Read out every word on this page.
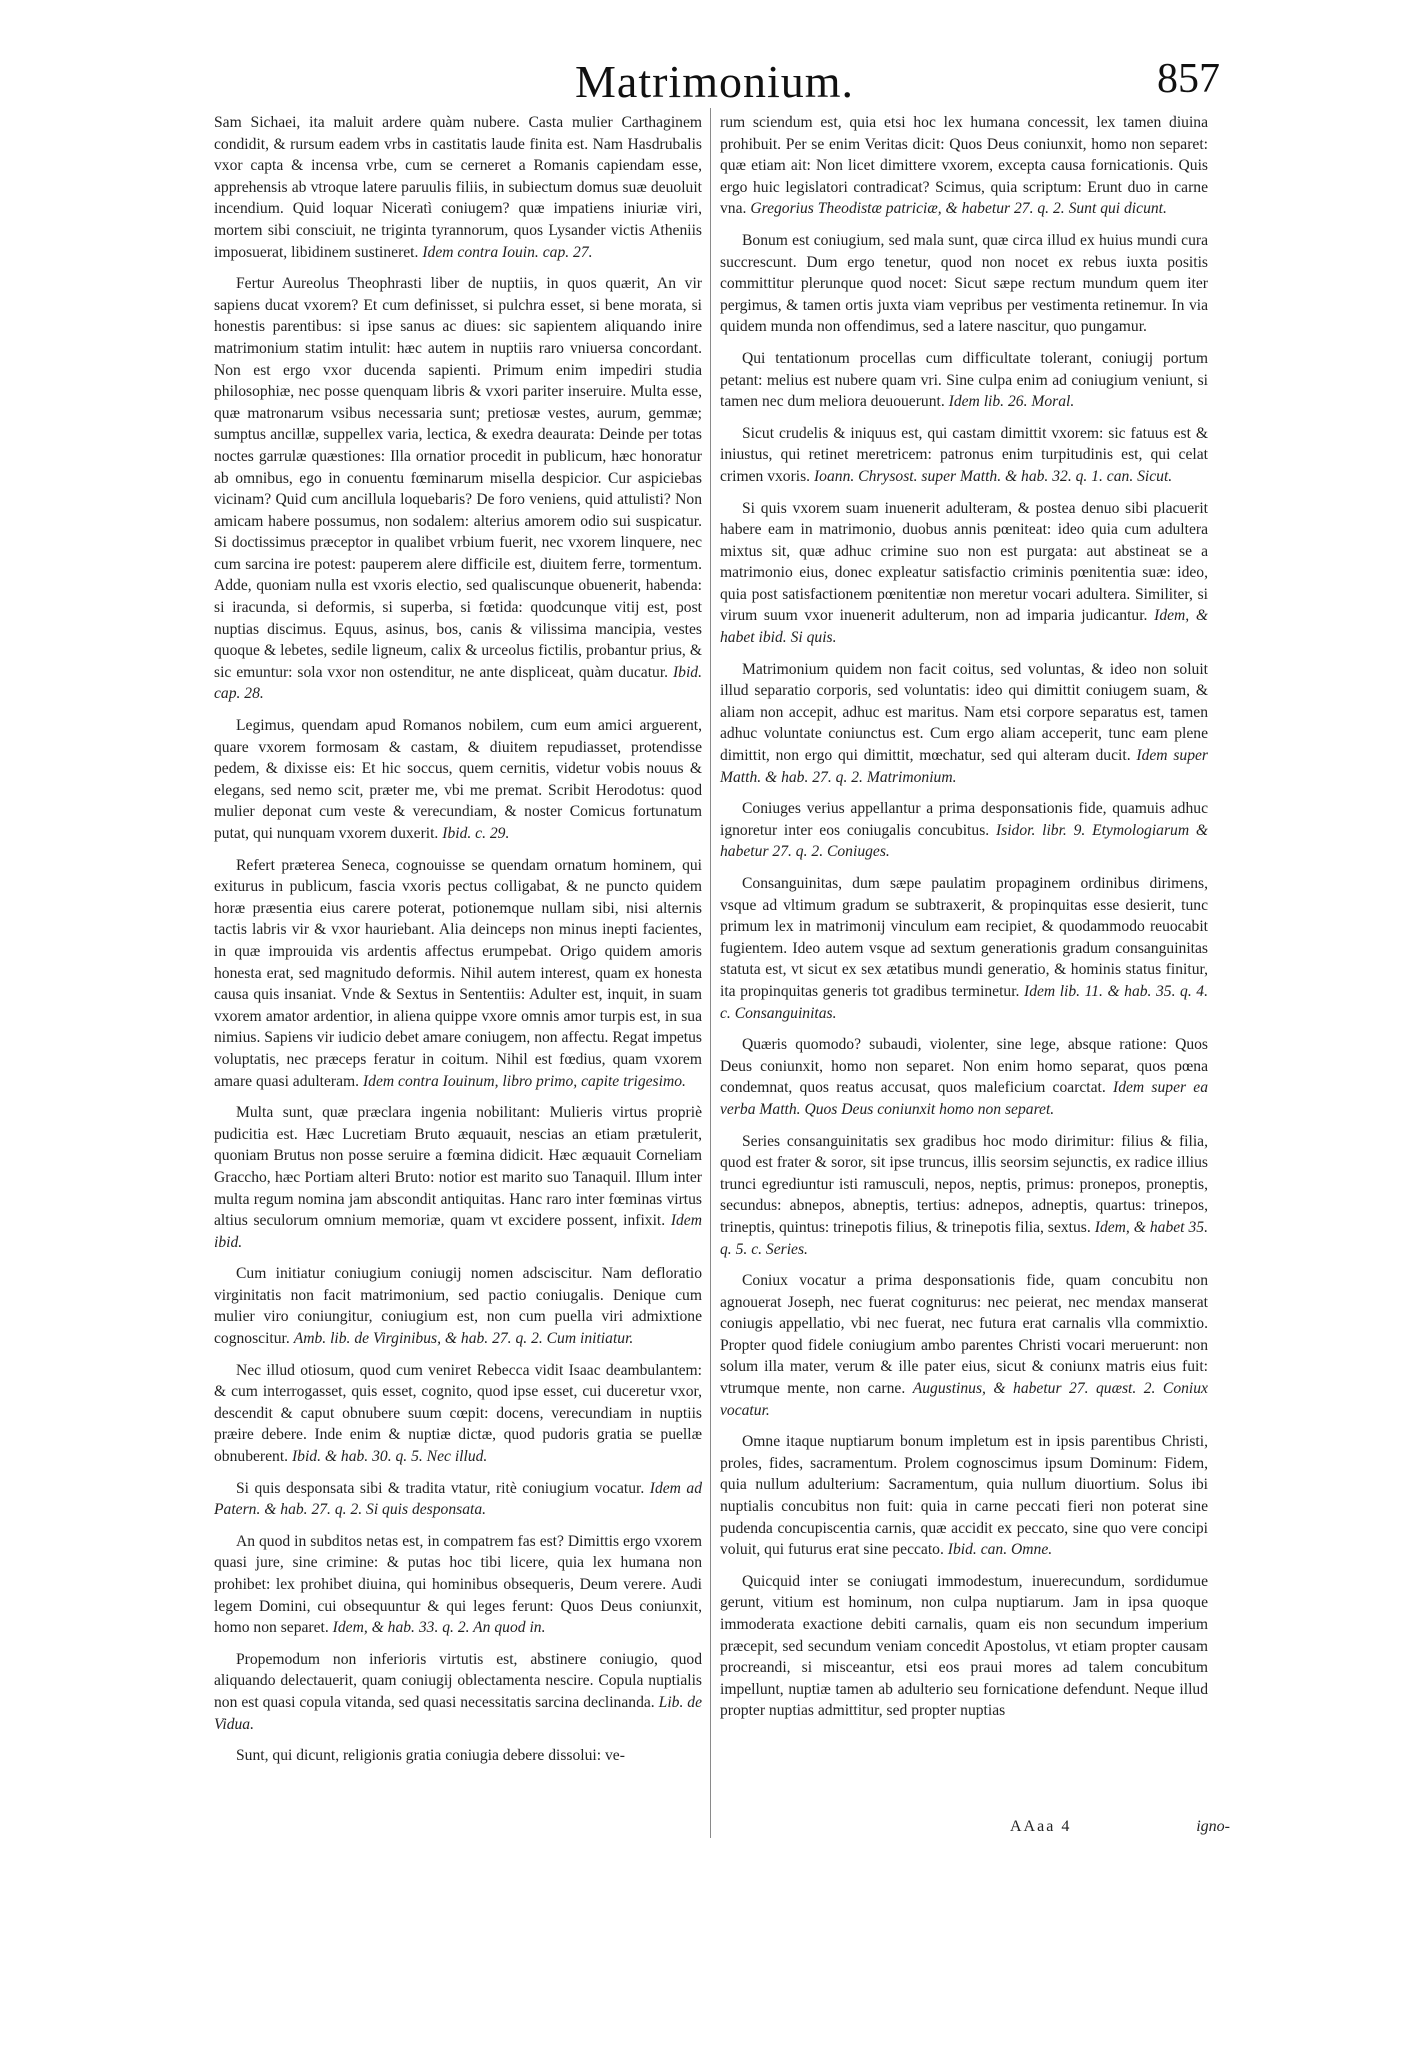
Matrimonium.	857

Sam Sichaei, ita maluit ardere quàm nubere. Casta mulier Carthaginem condidit, & rursum eadem vrbs in castitatis laude finita est. Nam Hasdrubalis vxor capta & incensa vrbe, cum se cerneret a Romanis capiendam esse, apprehensis ab vtroque latere paruulis filiis, in subiectum domus suæ deuoluit incendium. Quid loquar Niceratì coniugem? quæ impatiens iniuriæ viri, mortem sibi consciuit, ne triginta tyrannorum, quos Lysander victis Atheniis imposuerat, libidinem sustineret. Idem contra Iouin. cap. 27.

Fertur Aureolus Theophrasti liber de nuptiis, in quos quærit, An vir sapiens ducat vxorem? Et cum definisset, si pulchra esset, si bene morata, si honestis parentibus: si ipse sanus ac diues: sic sapientem aliquando inire matrimonium statim intulit: hæc autem in nuptiis raro vniuersa concordant. Non est ergo vxor ducenda sapienti. Primum enim impediri studia philosophiæ, nec posse quenquam libris & vxori pariter inseruire. Multa esse, quæ matronarum vsibus necessaria sunt; pretiosæ vestes, aurum, gemmæ; sumptus ancillæ, suppellex varia, lectica, & exedra deaurata: Deinde per totas noctes garrulæ quæstiones: Illa ornatior procedit in publicum, hæc honoratur ab omnibus, ego in conuentu fœminarum misella despicior. Cur aspiciebas vicinam? Quid cum ancillula loquebaris? De foro veniens, quid attulisti? Non amicam habere possumus, non sodalem: alterius amorem odio sui suspicatur. Si doctissimus præceptor in qualibet vrbium fuerit, nec vxorem linquere, nec cum sarcina ire potest: pauperem alere difficile est, diuitem ferre, tormentum. Adde, quoniam nulla est vxoris electio, sed qualiscunque obuenerit, habenda: si iracunda, si deformis, si superba, si fœtida: quodcunque vitij est, post nuptias discimus. Equus, asinus, bos, canis & vilissima mancipia, vestes quoque & lebetes, sedile ligneum, calix & urceolus fictilis, probantur prius, & sic emuntur: sola vxor non ostenditur, ne ante displiceat, quàm ducatur. Ibid. cap. 28.

Legimus, quendam apud Romanos nobilem, cum eum amici arguerent, quare vxorem formosam & castam, & diuitem repudiasset, protendisse pedem, & dixisse eis: Et hic soccus, quem cernitis, videtur vobis nouus & elegans, sed nemo scit, præter me, vbi me premat. Scribit Herodotus: quod mulier deponat cum veste & verecundiam, & noster Comicus fortunatum putat, qui nunquam vxorem duxerit. Ibid. c. 29.

Refert præterea Seneca, cognouisse se quendam ornatum hominem, qui exiturus in publicum, fascia vxoris pectus colligabat, & ne puncto quidem horæ præsentia eius carere poterat, potionemque nullam sibi, nisi alternis tactis labris vir & vxor hauriebant. Alia deinceps non minus inepti facientes, in quæ improuida vis ardentis affectus erumpebat. Origo quidem amoris honesta erat, sed magnitudo deformis. Nihil autem interest, quam ex honesta causa quis insaniat. Vnde & Sextus in Sententiis: Adulter est, inquit, in suam vxorem amator ardentior, in aliena quippe vxore omnis amor turpis est, in sua nimius. Sapiens vir iudicio debet amare coniugem, non affectu. Regat impetus voluptatis, nec præceps feratur in coitum. Nihil est fœdius, quam vxorem amare quasi adulteram. Idem contra Iouinum, libro primo, capite trigesimo.

Multa sunt, quæ præclara ingenia nobilitant: Mulieris virtus propriè pudicitia est. Hæc Lucretiam Bruto æquauit, nescias an etiam prætulerit, quoniam Brutus non posse seruire a fœmina didicit. Hæc æquauit Corneliam Graccho, hæc Portiam alteri Bruto: notior est marito suo Tanaquil. Illum inter multa regum nomina jam abscondit antiquitas. Hanc raro inter fœminas virtus altius seculorum omnium memoriæ, quam vt excidere possent, infixit. Idem ibid.

Cum initiatur coniugium coniugij nomen adsciscitur. Nam defloratio virginitatis non facit matrimonium, sed pactio coniugalis. Denique cum mulier viro coniungitur, coniugium est, non cum puella viri admixtione cognoscitur. Amb. lib. de Virginibus, & hab. 27. q. 2. Cum initiatur.

Nec illud otiosum, quod cum veniret Rebecca vidit Isaac deambulantem: & cum interrogasset, quis esset, cognito, quod ipse esset, cui duceretur vxor, descendit & caput obnubere suum cœpit: docens, verecundiam in nuptiis præire debere. Inde enim & nuptiæ dictæ, quod pudoris gratia se puellæ obnuberent. Ibid. & hab. 30. q. 5. Nec illud.

Si quis desponsata sibi & tradita vtatur, ritè coniugium vocatur. Idem ad Patern. & hab. 27. q. 2. Si quis desponsata.

An quod in subditos netas est, in compatrem fas est? Dimittis ergo vxorem quasi jure, sine crimine: & putas hoc tibi licere, quia lex humana non prohibet: lex prohibet diuina, qui hominibus obsequeris, Deum verere. Audi legem Domini, cui obsequuntur & qui leges ferunt: Quos Deus coniunxit, homo non separet. Idem, & hab. 33. q. 2. An quod in.

Propemodum non inferioris virtutis est, abstinere coniugio, quod aliquando delectauerit, quam coniugij oblectamenta nescire. Copula nuptialis non est quasi copula vitanda, sed quasi necessitatis sarcina declinanda. Lib. de Vidua.

Sunt, qui dicunt, religionis gratia coniugia debere dissolui: ve-

rum sciendum est, quia etsi hoc lex humana concessit, lex tamen diuina prohibuit. Per se enim Veritas dicit: Quos Deus coniunxit, homo non separet: quæ etiam ait: Non licet dimittere vxorem, excepta causa fornicationis. Quis ergo huic legislatori contradicat? Scimus, quia scriptum: Erunt duo in carne vna. Gregorius Theodistæ patriciæ, & habetur 27. q. 2. Sunt qui dicunt.

Bonum est coniugium, sed mala sunt, quæ circa illud ex huius mundi cura succrescunt. Dum ergo tenetur, quod non nocet ex rebus iuxta positis committitur plerunque quod nocet: Sicut sæpe rectum mundum quem iter pergimus, & tamen ortis juxta viam vepribus per vestimenta retinemur. In via quidem munda non offendimus, sed a latere nascitur, quo pungamur.

Qui tentationum procellas cum difficultate tolerant, coniugij portum petant: melius est nubere quam vri. Sine culpa enim ad coniugium veniunt, si tamen nec dum meliora deuouerunt. Idem lib. 26. Moral.

Sicut crudelis & iniquus est, qui castam dimittit vxorem: sic fatuus est & iniustus, qui retinet meretricem: patronus enim turpitudinis est, qui celat crimen vxoris. Ioann. Chrysost. super Matth. & hab. 32. q. 1. can. Sicut.

Si quis vxorem suam inuenerit adulteram, & postea denuo sibi placuerit habere eam in matrimonio, duobus annis pœniteat: ideo quia cum adultera mixtus sit, quæ adhuc crimine suo non est purgata: aut abstineat se a matrimonio eius, donec expleatur satisfactio criminis pœnitentia suæ: ideo, quia post satisfactionem pœnitentiæ non meretur vocari adultera. Similiter, si virum suum vxor inuenerit adulterum, non ad imparia judicantur. Idem, & habet ibid. Si quis.

Matrimonium quidem non facit coitus, sed voluntas, & ideo non soluit illud separatio corporis, sed voluntatis: ideo qui dimittit coniugem suam, & aliam non accepit, adhuc est maritus. Nam etsi corpore separatus est, tamen adhuc voluntate coniunctus est. Cum ergo aliam acceperit, tunc eam plene dimittit, non ergo qui dimittit, mœchatur, sed qui alteram ducit. Idem super Matth. & hab. 27. q. 2. Matrimonium.

Coniuges verius appellantur a prima desponsationis fide, quamuis adhuc ignoretur inter eos coniugalis concubitus. Isidor. libr. 9. Etymologiarum & habetur 27. q. 2. Coniuges.

Consanguinitas, dum sæpe paulatim propaginem ordinibus dirimens, vsque ad vltimum gradum se subtraxerit, & propinquitas esse desierit, tunc primum lex in matrimonij vinculum eam recipiet, & quodammodo reuocabit fugientem. Ideo autem vsque ad sextum generationis gradum consanguinitas statuta est, vt sicut ex sex ætatibus mundi generatio, & hominis status finitur, ita propinquitas generis tot gradibus terminetur. Idem lib. 11. & hab. 35. q. 4. c. Consanguinitas.

Quæris quomodo? subaudi, violenter, sine lege, absque ratione: Quos Deus coniunxit, homo non separet. Non enim homo separat, quos pœna condemnat, quos reatus accusat, quos maleficium coarctat. Idem super ea verba Matth. Quos Deus coniunxit homo non separet.

Series consanguinitatis sex gradibus hoc modo dirimitur: filius & filia, quod est frater & soror, sit ipse truncus, illis seorsim sejunctis, ex radice illius trunci egrediuntur isti ramusculi, nepos, neptis, primus: pronepos, proneptis, secundus: abnepos, abneptis, tertius: adnepos, adneptis, quartus: trinepos, trineptis, quintus: trinepotis filius, & trinepotis filia, sextus. Idem, & habet 35. q. 5. c. Series.

Coniux vocatur a prima desponsationis fide, quam concubitu non agnouerat Joseph, nec fuerat cogniturus: nec peierat, nec mendax manserat coniugis appellatio, vbi nec fuerat, nec futura erat carnalis vlla commixtio. Propter quod fidele coniugium ambo parentes Christi vocari meruerunt: non solum illa mater, verum & ille pater eius, sicut & coniunx matris eius fuit: vtrumque mente, non carne. Augustinus, & habetur 27. quæst. 2. Coniux vocatur.

Omne itaque nuptiarum bonum impletum est in ipsis parentibus Christi, proles, fides, sacramentum. Prolem cognoscimus ipsum Dominum: Fidem, quia nullum adulterium: Sacramentum, quia nullum diuortium. Solus ibi nuptialis concubitus non fuit: quia in carne peccati fieri non poterat sine pudenda concupiscentia carnis, quæ accidit ex peccato, sine quo vere concipi voluit, qui futurus erat sine peccato. Ibid. can. Omne.

Quicquid inter se coniugati immodestum, inuerecundum, sordidumue gerunt, vitium est hominum, non culpa nuptiarum. Jam in ipsa quoque immoderata exactione debiti carnalis, quam eis non secundum imperium præcepit, sed secundum veniam concedit Apostolus, vt etiam propter causam procreandi, si misceantur, etsi eos praui mores ad talem concubitum impellunt, nuptiæ tamen ab adulterio seu fornicatione defendunt. Neque illud propter nuptias admittitur, sed propter nuptias

AAaa 4	igno-
